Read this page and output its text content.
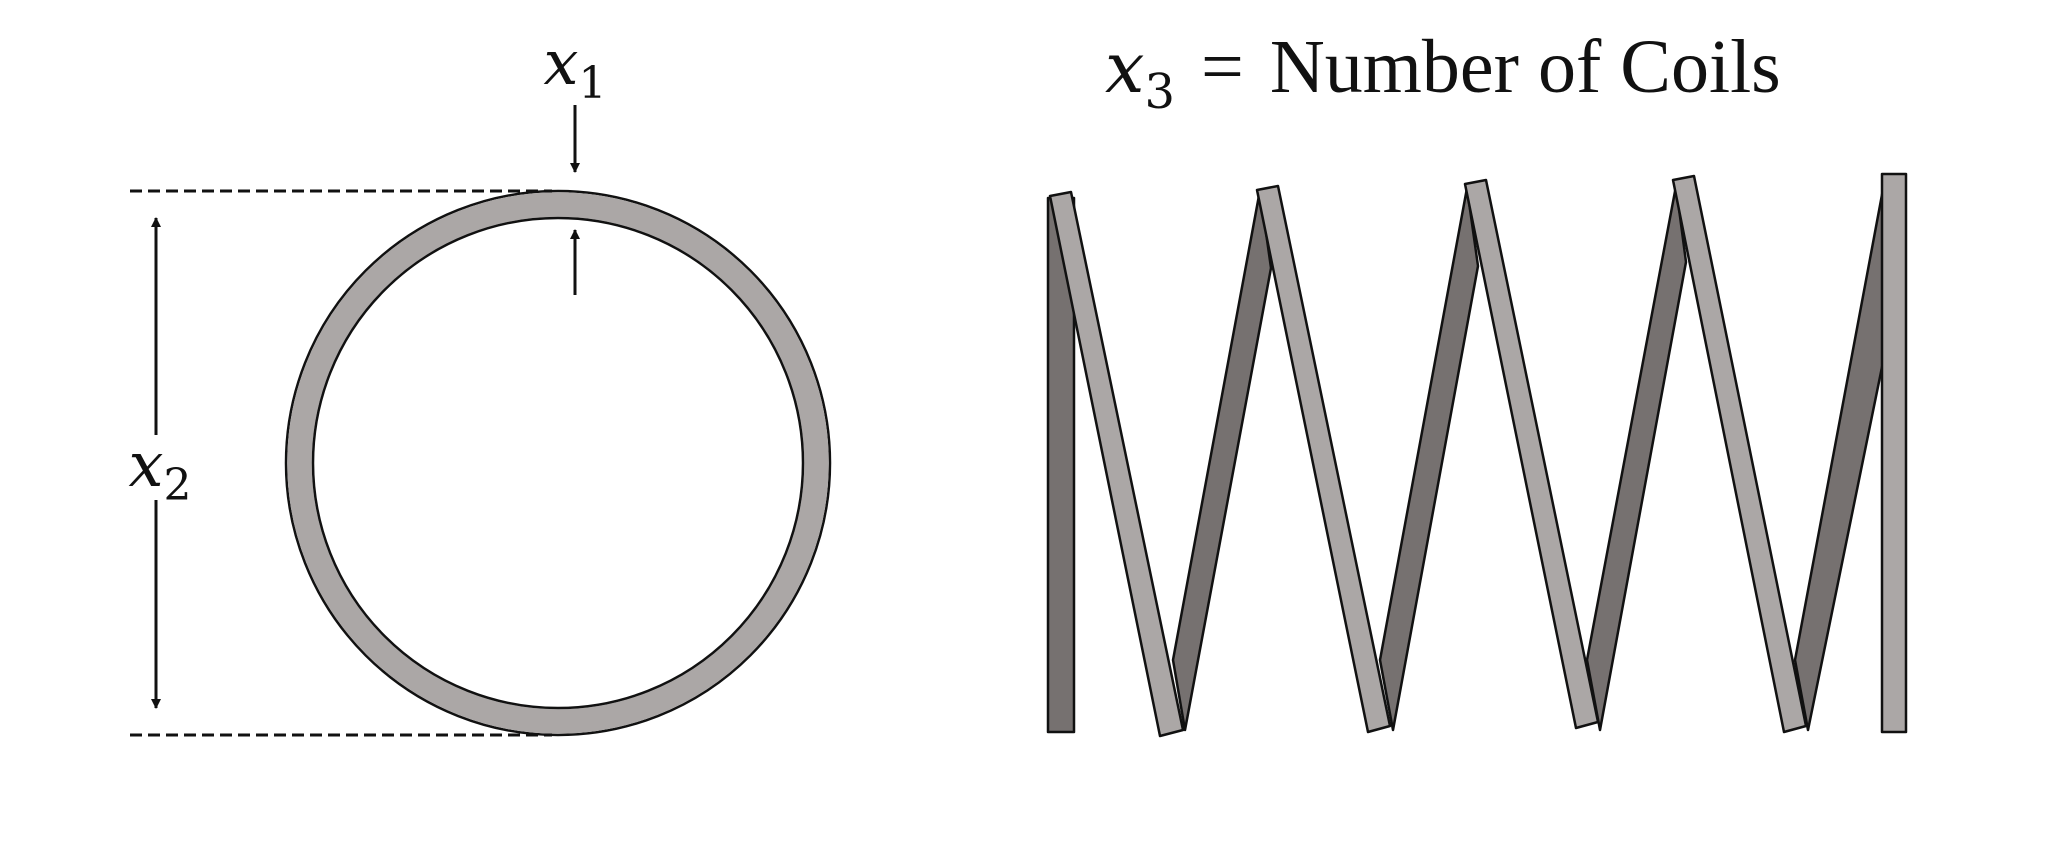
x1
x2
x3 = Number of Coils
